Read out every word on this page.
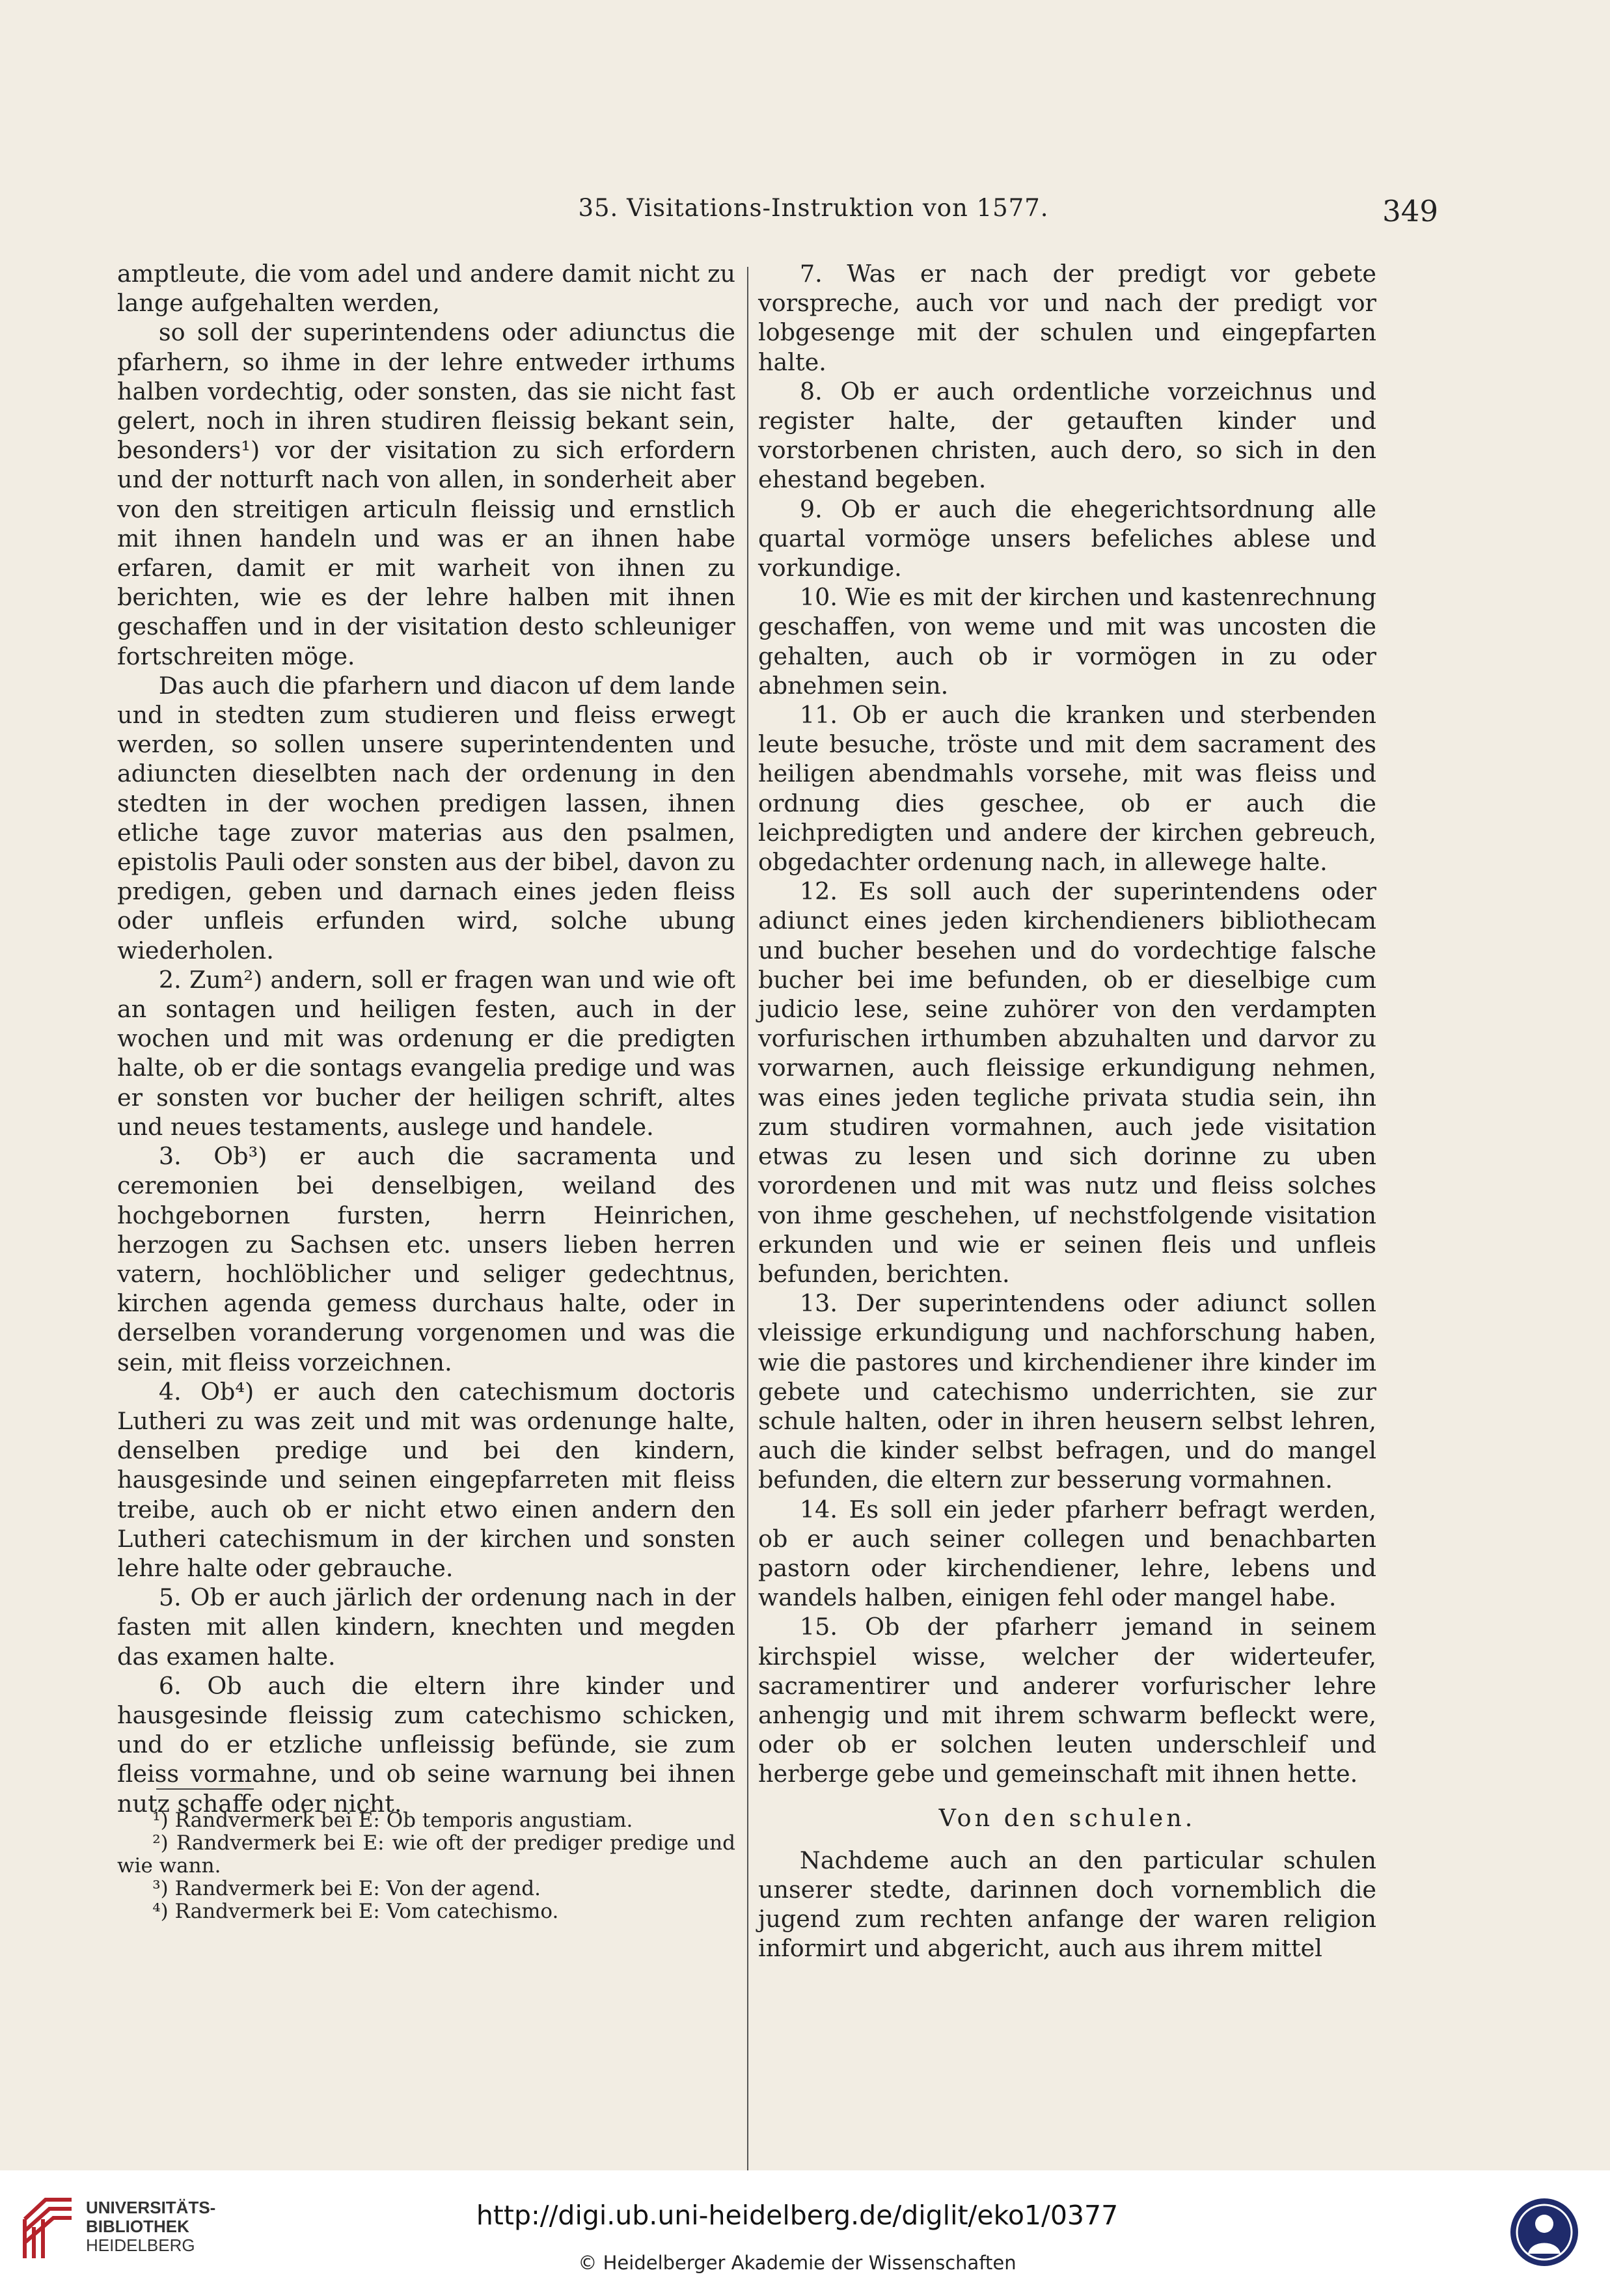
35. Visitations-Instruktion von 1577.	349

amptleute, die vom adel und andere damit nicht zu lange aufgehalten werden,

so soll der superintendens oder adiunctus die pfarhern, so ihme in der lehre entweder irthums halben vordechtig, oder sonsten, das sie nicht fast gelert, noch in ihren studiren fleissig bekant sein, besonders¹) vor der visitation zu sich erfordern und der notturft nach von allen, in sonderheit aber von den streitigen articuln fleissig und ernstlich mit ihnen handeln und was er an ihnen habe erfaren, damit er mit warheit von ihnen zu berichten, wie es der lehre halben mit ihnen geschaffen und in der visitation desto schleuniger fortschreiten möge.

Das auch die pfarhern und diacon uf dem lande und in stedten zum studieren und fleiss erwegt werden, so sollen unsere superintendenten und adiuncten dieselbten nach der ordenung in den stedten in der wochen predigen lassen, ihnen etliche tage zuvor materias aus den psalmen, epistolis Pauli oder sonsten aus der bibel, davon zu predigen, geben und darnach eines jeden fleiss oder unfleis erfunden wird, solche ubung wiederholen.

2. Zum²) andern, soll er fragen wan und wie oft an sontagen und heiligen festen, auch in der wochen und mit was ordenung er die predigten halte, ob er die sontags evangelia predige und was er sonsten vor bucher der heiligen schrift, altes und neues testaments, auslege und handele.

3. Ob³) er auch die sacramenta und ceremonien bei denselbigen, weiland des hochgebornen fursten, herrn Heinrichen, herzogen zu Sachsen etc. unsers lieben herren vatern, hochlöblicher und seliger gedechtnus, kirchen agenda gemess durchaus halte, oder in derselben voranderung vorgenomen und was die sein, mit fleiss vorzeichnen.

4. Ob⁴) er auch den catechismum doctoris Lutheri zu was zeit und mit was ordenunge halte, denselben predige und bei den kindern, hausgesinde und seinen eingepfarreten mit fleiss treibe, auch ob er nicht etwo einen andern den Lutheri catechismum in der kirchen und sonsten lehre halte oder gebrauche.

5. Ob er auch järlich der ordenung nach in der fasten mit allen kindern, knechten und megden das examen halte.

6. Ob auch die eltern ihre kinder und hausgesinde fleissig zum catechismo schicken, und do er etzliche unfleissig befünde, sie zum fleiss vormahne, und ob seine warnung bei ihnen nutz schaffe oder nicht.

7. Was er nach der predigt vor gebete vorspreche, auch vor und nach der predigt vor lobgesenge mit der schulen und eingepfarten halte.

8. Ob er auch ordentliche vorzeichnus und register halte, der getauften kinder und vorstorbenen christen, auch dero, so sich in den ehestand begeben.

9. Ob er auch die ehegerichtsordnung alle quartal vormöge unsers befeliches ablese und vorkundige.

10. Wie es mit der kirchen und kastenrechnung geschaffen, von weme und mit was uncosten die gehalten, auch ob ir vormögen in zu oder abnehmen sein.

11. Ob er auch die kranken und sterbenden leute besuche, tröste und mit dem sacrament des heiligen abendmahls vorsehe, mit was fleiss und ordnung dies geschee, ob er auch die leichpredigten und andere der kirchen gebreuch, obgedachter ordenung nach, in allewege halte.

12. Es soll auch der superintendens oder adiunct eines jeden kirchendieners bibliothecam und bucher besehen und do vordechtige falsche bucher bei ime befunden, ob er dieselbige cum judicio lese, seine zuhörer von den verdampten vorfurischen irthumben abzuhalten und darvor zu vorwarnen, auch fleissige erkundigung nehmen, was eines jeden tegliche privata studia sein, ihn zum studiren vormahnen, auch jede visitation etwas zu lesen und sich dorinne zu uben vorordenen und mit was nutz und fleiss solches von ihme geschehen, uf nechstfolgende visitation erkunden und wie er seinen fleis und unfleis befunden, berichten.

13. Der superintendens oder adiunct sollen vleissige erkundigung und nachforschung haben, wie die pastores und kirchendiener ihre kinder im gebete und catechismo underrichten, sie zur schule halten, oder in ihren heusern selbst lehren, auch die kinder selbst befragen, und do mangel befunden, die eltern zur besserung vormahnen.

14. Es soll ein jeder pfarherr befragt werden, ob er auch seiner collegen und benachbarten pastorn oder kirchendiener, lehre, lebens und wandels halben, einigen fehl oder mangel habe.

15. Ob der pfarherr jemand in seinem kirchspiel wisse, welcher der widerteufer, sacramentirer und anderer vorfurischer lehre anhengig und mit ihrem schwarm befleckt were, oder ob er solchen leuten underschleif und herberge gebe und gemeinschaft mit ihnen hette.

Von den schulen.

Nachdeme auch an den particular schulen unserer stedte, darinnen doch vornemblich die jugend zum rechten anfange der waren religion informirt und abgericht, auch aus ihrem mittel

¹) Randvermerk bei E: Ob temporis angustiam.

²) Randvermerk bei E: wie oft der prediger predige und wie wann.

³) Randvermerk bei E: Von der agend.

⁴) Randvermerk bei E: Vom catechismo.

UNIVERSITÄTS-
BIBLIOTHEK
HEIDELBERG
http://digi.ub.uni-heidelberg.de/diglit/eko1/0377
© Heidelberger Akademie der Wissenschaften
